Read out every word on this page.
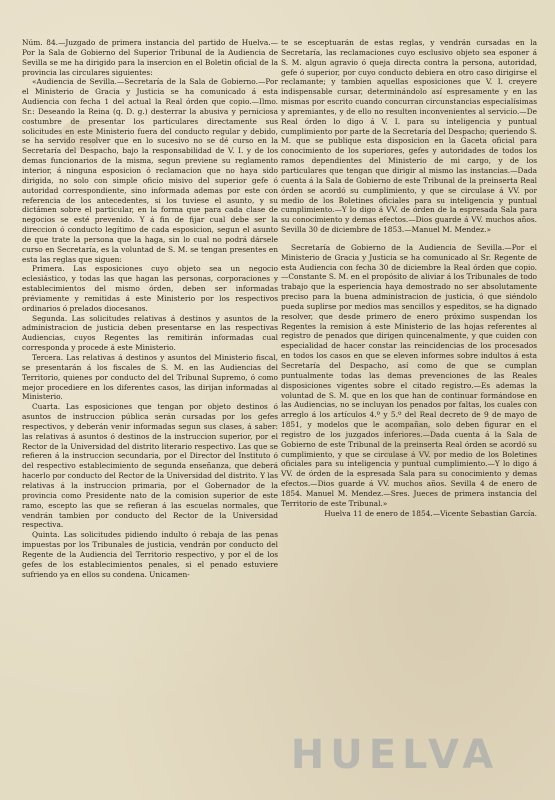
Núm. 84.—Juzgado de primera instancia del partido de Huelva.—Por la Sala de Gobierno del Superior Tribunal de la Audiencia de Sevilla se me ha dirigido para la insercion en el Boletin oficial de la provincia las circulares siguientes:

«Audiencia de Sevilla.—Secretaría de la Sala de Gobierno.—Por el Ministerio de Gracia y Justicia se ha comunicado á esta Audiencia con fecha 1 del actual la Real órden que copio.—Ilmo. Sr.: Deseando la Reina (q. D. g.) desterrar la abusiva y perniciosa costumbre de presentar los particulares directamente sus solicitudes en este Ministerio fuera del conducto regular y debido, se ha servido resolver que en lo sucesivo no se dé curso en la Secretaría del Despacho, bajo la responsabilidad de V. I. y de los demas funcionarios de la misma, segun previene su reglamento interior, á ninguna esposicion ó reclamacion que no haya sido dirigida, no solo con simple oficio misivo del superior gefe ó autoridad correspondiente, sino informada ademas por este con referencia de los antecedentes, si los tuviese el asunto, y su dictámen sobre el particular, en la forma que para cada clase de negocios se esté prevenido. Y á fin de fijar cual debe ser la direccion ó conducto legítimo de cada esposicion, segun el asunto de que trate la persona que la haga, sin lo cual no podrá dársele curso en Secretaría, es la voluntad de S. M. se tengan presentes en esta las reglas que siguen:

Primera. Las esposiciones cuyo objeto sea un negocio eclesiástico, y todas las que hagan las personas, corporaciones y establecimientos del mismo órden, deben ser informadas préviamente y remitidas á este Ministerio por los respectivos ordinarios ó prelados diocesanos.

Segunda. Las solicitudes relativas á destinos y asuntos de la administracion de justicia deben presentarse en las respectivas Audiencias, cuyos Regentes las remitirán informadas cual corresponda y procede á este Ministerio.

Tercera. Las relativas á destinos y asuntos del Ministerio fiscal, se presentarán á los fiscales de S. M. en las Audiencias del Territorio, quienes por conducto del del Tribunal Supremo, ó como mejor procediere en los diferentes casos, las dirijan informadas al Ministerio.

Cuarta. Las esposiciones que tengan por objeto destinos ó asuntos de instruccion pública serán cursadas por los gefes respectivos, y deberán venir informadas segun sus clases, á saber: las relativas á asuntos ó destinos de la instruccion superior, por el Rector de la Universidad del distrito literario respectivo. Las que se refieren á la instruccion secundaria, por el Director del Instituto ó del respectivo establecimiento de segunda enseñanza, que deberá hacerlo por conducto del Rector de la Universidad del distrito. Y las relativas á la instruccion primaria, por el Gobernador de la provincia como Presidente nato de la comision superior de este ramo, escepto las que se refieran á las escuelas normales, que vendrán tambien por conducto del Rector de la Universidad respectiva.

Quinta. Las solicitudes pidiendo indulto ó rebaja de las penas impuestas por los Tribunales de justicia, vendrán por conducto del Regente de la Audiencia del Territorio respectivo, y por el de los gefes de los establecimientos penales, si el penado estuviere sufriendo ya en ellos su condena. Unicamen-

te se esceptuarán de estas reglas, y vendrán cursadas en la Secretaría, las reclamaciones cuyo esclusivo objeto sea esponer á S. M. algun agravio ó queja directa contra la persona, autoridad, gefe ó superior, por cuyo conducto debiera en otro caso dirigirse el reclamante; y tambien aquellas esposiciones que V. I. creyere indispensable cursar, determinándolo así espresamente y en las mismas por escrito cuando concurran circunstancias especialísimas y apremiantes, y de ello no resulten inconvenientes al servicio.—De Real órden lo digo á V. I. para su inteligencia y puntual cumplimiento por parte de la Secretaría del Despacho; queriendo S. M. que se publique esta disposicion en la Gaceta oficial para conocimiento de los superiores, gefes y autoridades de todos los ramos dependientes del Ministerio de mi cargo, y de los particulares que tengan que dirigir al mismo las instancias.—Dada cuenta á la Sala de Gobierno de este Tribunal de la preinserta Real órden se acordó su cumplimiento, y que se circulase á VV. por medio de los Boletines oficiales para su inteligencia y puntual cumplimiento.—Y lo digo á VV. de órden de la espresada Sala para su conocimiento y demas efectos.—Dios guarde á VV. muchos años. Sevilla 30 de diciembre de 1853.—Manuel M. Mendez.»

Secretaría de Gobierno de la Audiencia de Sevilla.—Por el Ministerio de Gracia y Justicia se ha comunicado al Sr. Regente de esta Audiencia con fecha 30 de diciembre la Real órden que copio.—Constante S. M. en el propósito de aliviar á los Tribunales de todo trabajo que la esperiencia haya demostrado no ser absolutamente preciso para la buena administracion de justicia, ó que siéndolo pueda suplirse por medios mas sencillos y espeditos, se ha dignado resolver, que desde primero de enero próximo suspendan los Regentes la remision á este Ministerio de las hojas referentes al registro de penados que dirigen quincenalmente, y que cuiden con especialidad de hacer constar las reincidencias de los procesados en todos los casos en que se eleven informes sobre indultos á esta Secretaría del Despacho, así como de que se cumplan puntualmente todas las demas prevenciones de las Reales disposiciones vigentes sobre el citado registro.—Es ademas la voluntad de S. M. que en los que han de continuar formándose en las Audiencias, no se incluyan los penados por faltas, los cuales con arreglo á los artículos 4.º y 5.º del Real decreto de 9 de mayo de 1851, y modelos que le acompañan, solo deben figurar en el registro de los juzgados inferiores.—Dada cuenta á la Sala de Gobierno de este Tribunal de la preinserta Real órden se acordó su cumplimiento, y que se circulase á VV. por medio de los Boletines oficiales para su inteligencia y puntual cumplimiento.—Y lo digo á VV. de órden de la espresada Sala para su conocimiento y demas efectos.—Dios guarde á VV. muchos años. Sevilla 4 de enero de 1854. Manuel M. Mendez.—Sres. Jueces de primera instancia del Territorio de este Tribunal.»

Huelva 11 de enero de 1854.—Vicente Sebastian García.

HUELVA
